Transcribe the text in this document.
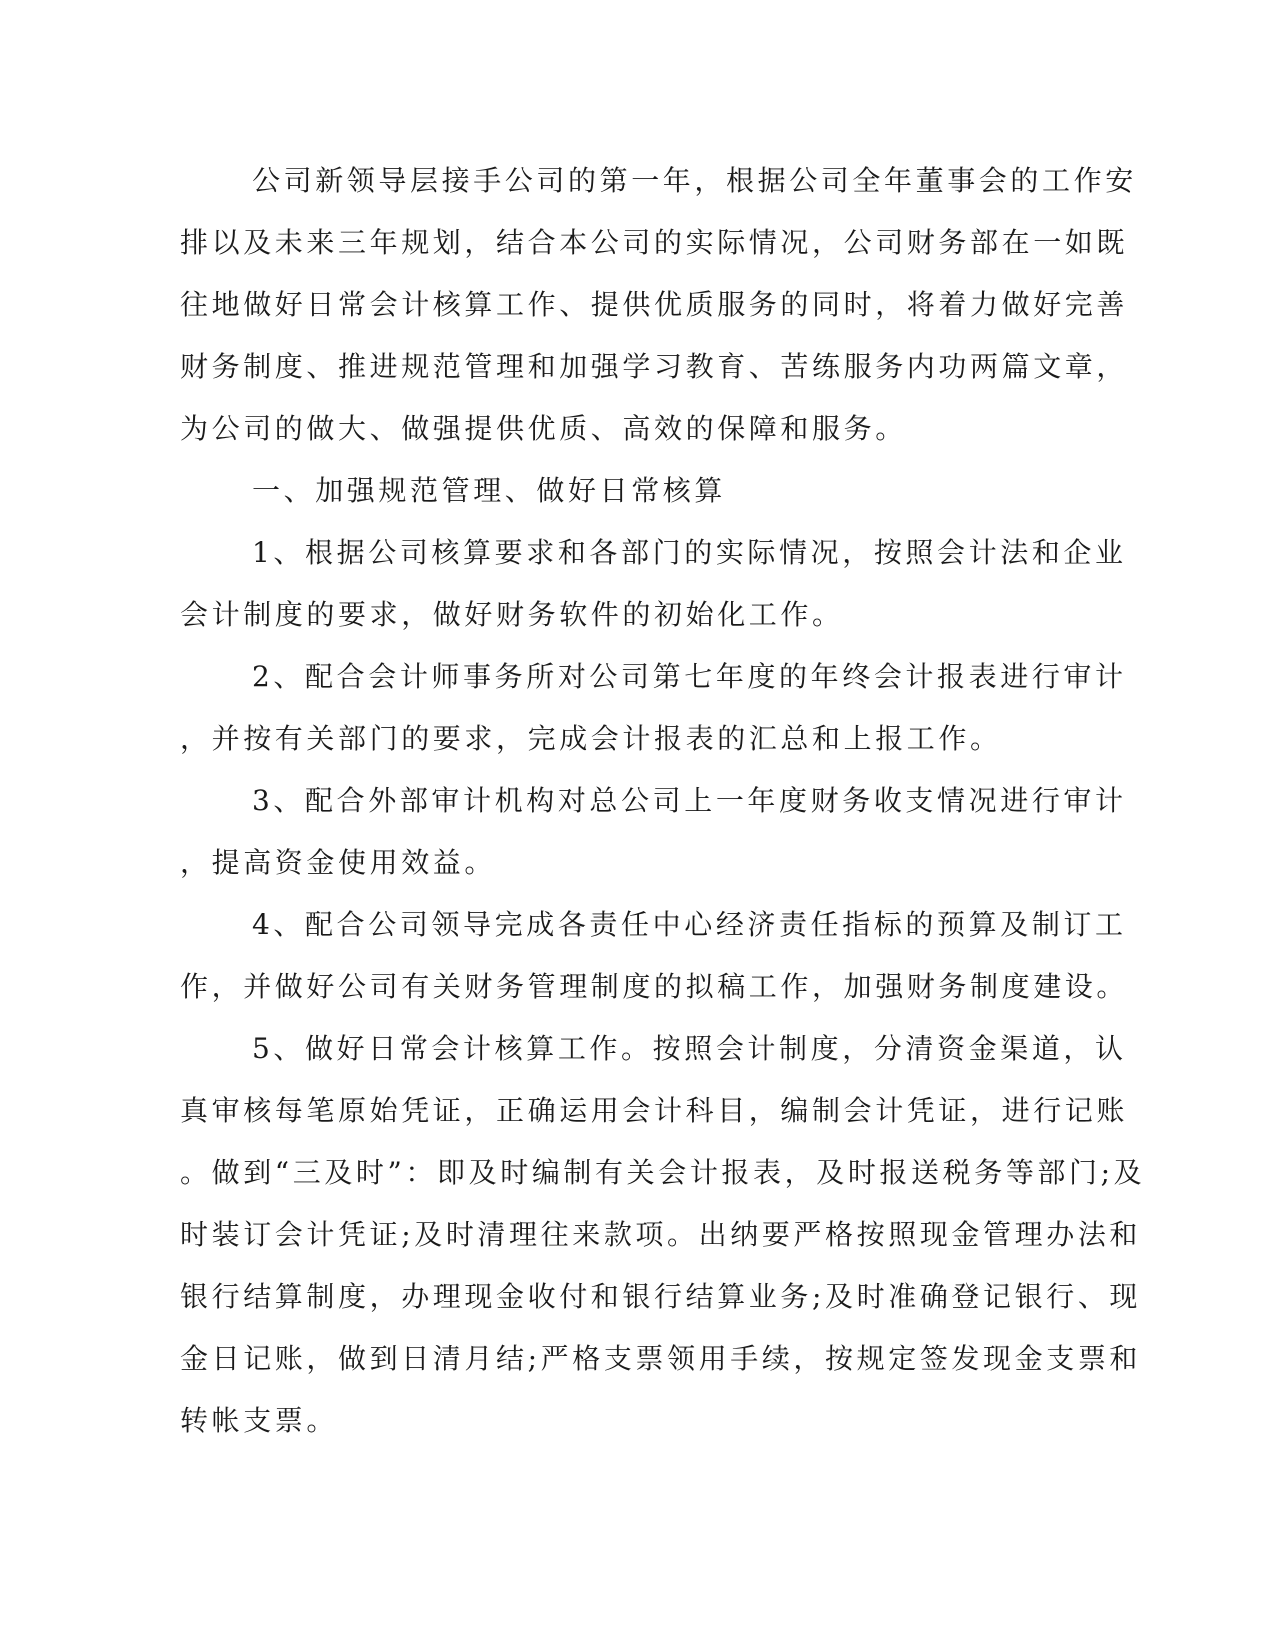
公司新领导层接手公司的第一年，根据公司全年董事会的工作安
排以及未来三年规划，结合本公司的实际情况，公司财务部在一如既
往地做好日常会计核算工作、提供优质服务的同时，将着力做好完善
财务制度、推进规范管理和加强学习教育、苦练服务内功两篇文章，
为公司的做大、做强提供优质、高效的保障和服务。
一、加强规范管理、做好日常核算
1、根据公司核算要求和各部门的实际情况，按照会计法和企业
会计制度的要求，做好财务软件的初始化工作。
2、配合会计师事务所对公司第七年度的年终会计报表进行审计
，并按有关部门的要求，完成会计报表的汇总和上报工作。
3、配合外部审计机构对总公司上一年度财务收支情况进行审计
，提高资金使用效益。
4、配合公司领导完成各责任中心经济责任指标的预算及制订工
作，并做好公司有关财务管理制度的拟稿工作，加强财务制度建设。
5、做好日常会计核算工作。按照会计制度，分清资金渠道，认
真审核每笔原始凭证，正确运用会计科目，编制会计凭证，进行记账
。做到“三及时”：即及时编制有关会计报表，及时报送税务等部门;及
时装订会计凭证;及时清理往来款项。出纳要严格按照现金管理办法和
银行结算制度，办理现金收付和银行结算业务;及时准确登记银行、现
金日记账，做到日清月结;严格支票领用手续，按规定签发现金支票和
转帐支票。
